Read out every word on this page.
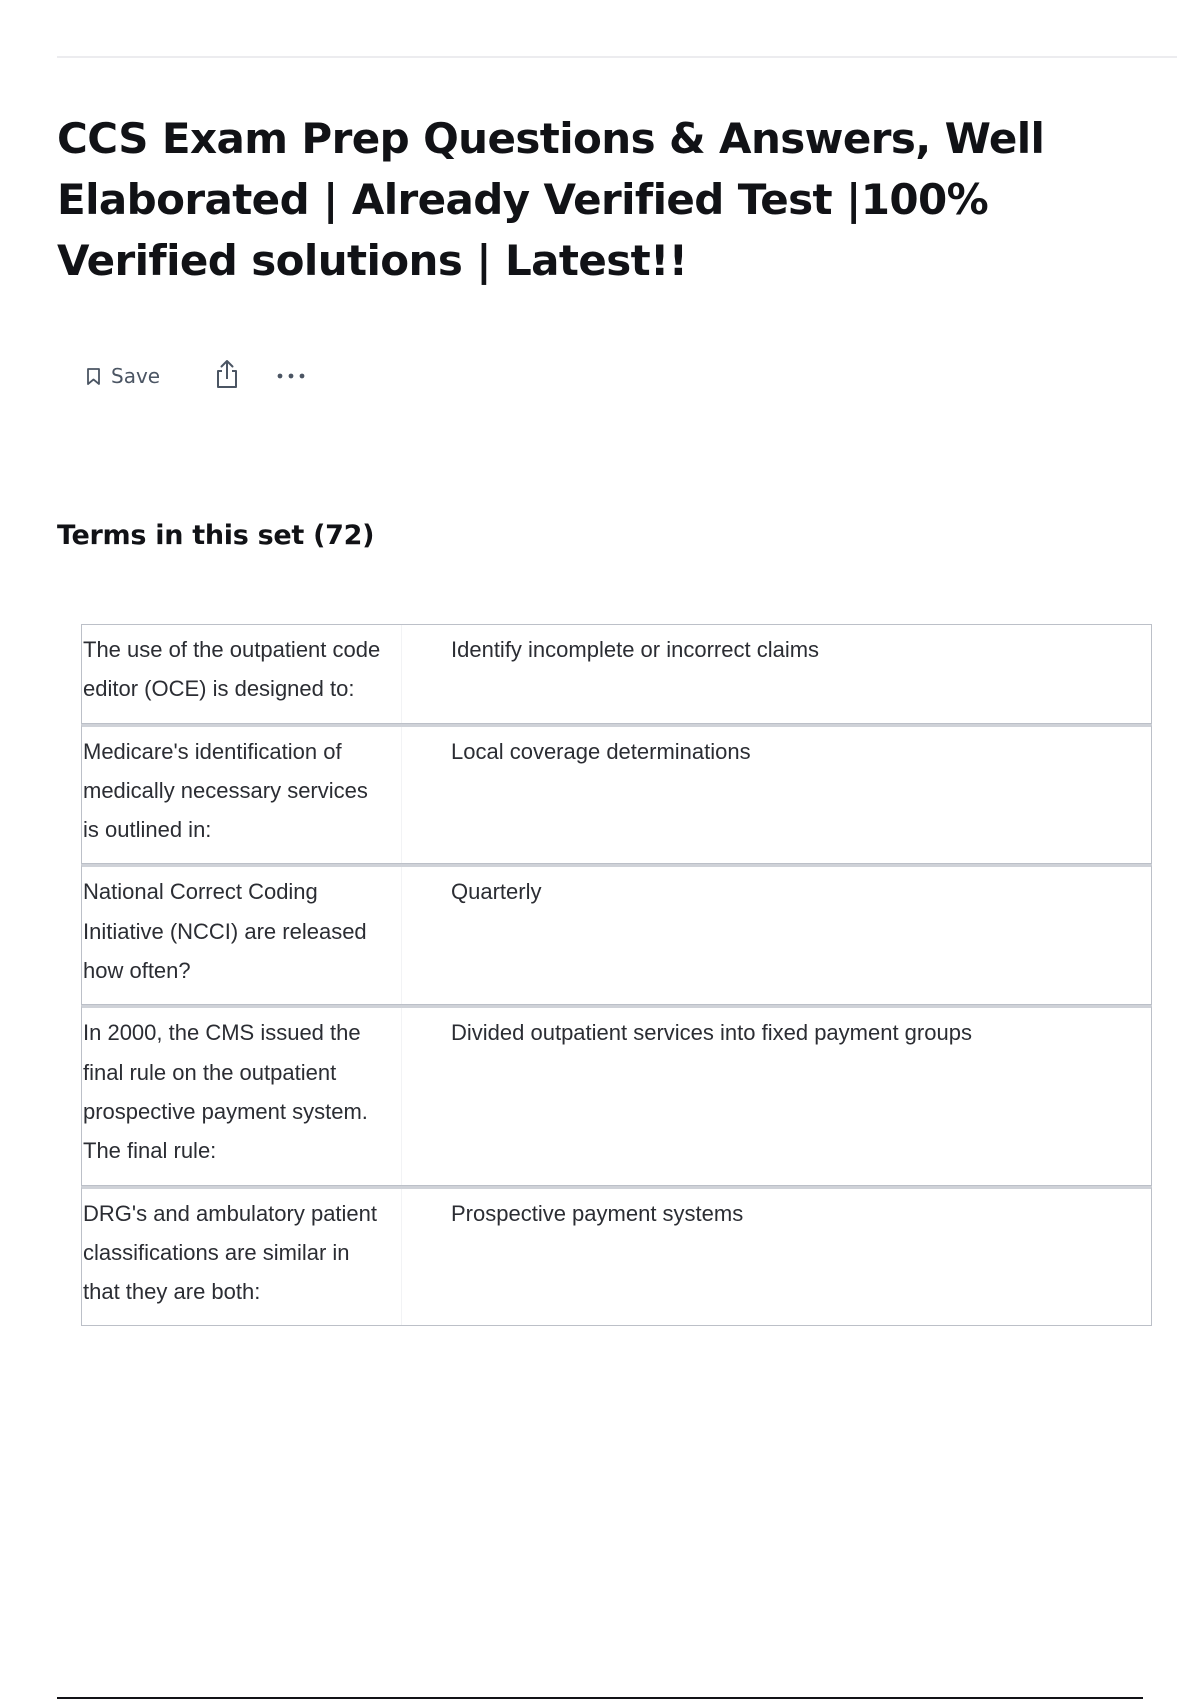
CCS Exam Prep Questions & Answers, Well Elaborated | Already Verified Test |100% Verified solutions | Latest!!
Save
Terms in this set (72)
The use of the outpatient code editor (OCE) is designed to:
Identify incomplete or incorrect claims
Medicare's identification of medically necessary services is outlined in:
Local coverage determinations
National Correct Coding Initiative (NCCI) are released how often?
Quarterly
In 2000, the CMS issued the final rule on the outpatient prospective payment system. The final rule:
Divided outpatient services into fixed payment groups
DRG's and ambulatory patient classifications are similar in that they are both:
Prospective payment systems
